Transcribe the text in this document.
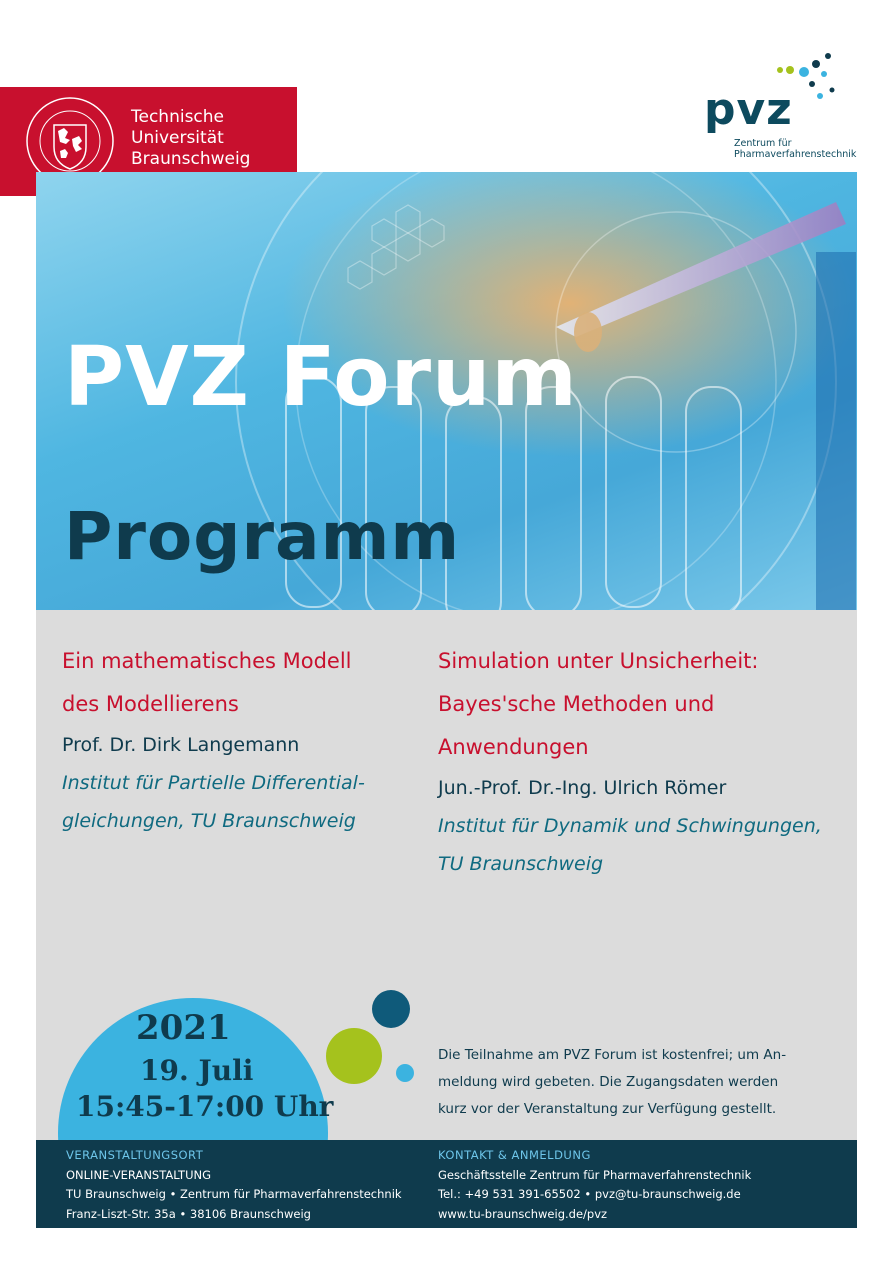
Technische
Universität
Braunschweig
pvz
Zentrum für
Pharmaverfahrenstechnik
PVZ Forum
Programm
Ein mathematisches Modell
des Modellierens
Prof. Dr. Dirk Langemann
Institut für Partielle Differential-
gleichungen, TU Braunschweig
Simulation unter Unsicherheit:
Bayes'sche Methoden und
Anwendungen
Jun.-Prof. Dr.-Ing. Ulrich Römer
Institut für Dynamik und Schwingungen,
TU Braunschweig
Die Teilnahme am PVZ Forum ist kostenfrei; um An-
meldung wird gebeten. Die Zugangsdaten werden
kurz vor der Veranstaltung zur Verfügung gestellt.
2021
19. Juli
15:45-17:00 Uhr
VERANSTALTUNGSORT
ONLINE-VERANSTALTUNG
TU Braunschweig • Zentrum für Pharmaverfahrenstechnik
Franz-Liszt-Str. 35a • 38106 Braunschweig
KONTAKT & ANMELDUNG
Geschäftsstelle Zentrum für Pharmaverfahrenstechnik
Tel.: +49 531 391-65502 • pvz@tu-braunschweig.de
www.tu-braunschweig.de/pvz
